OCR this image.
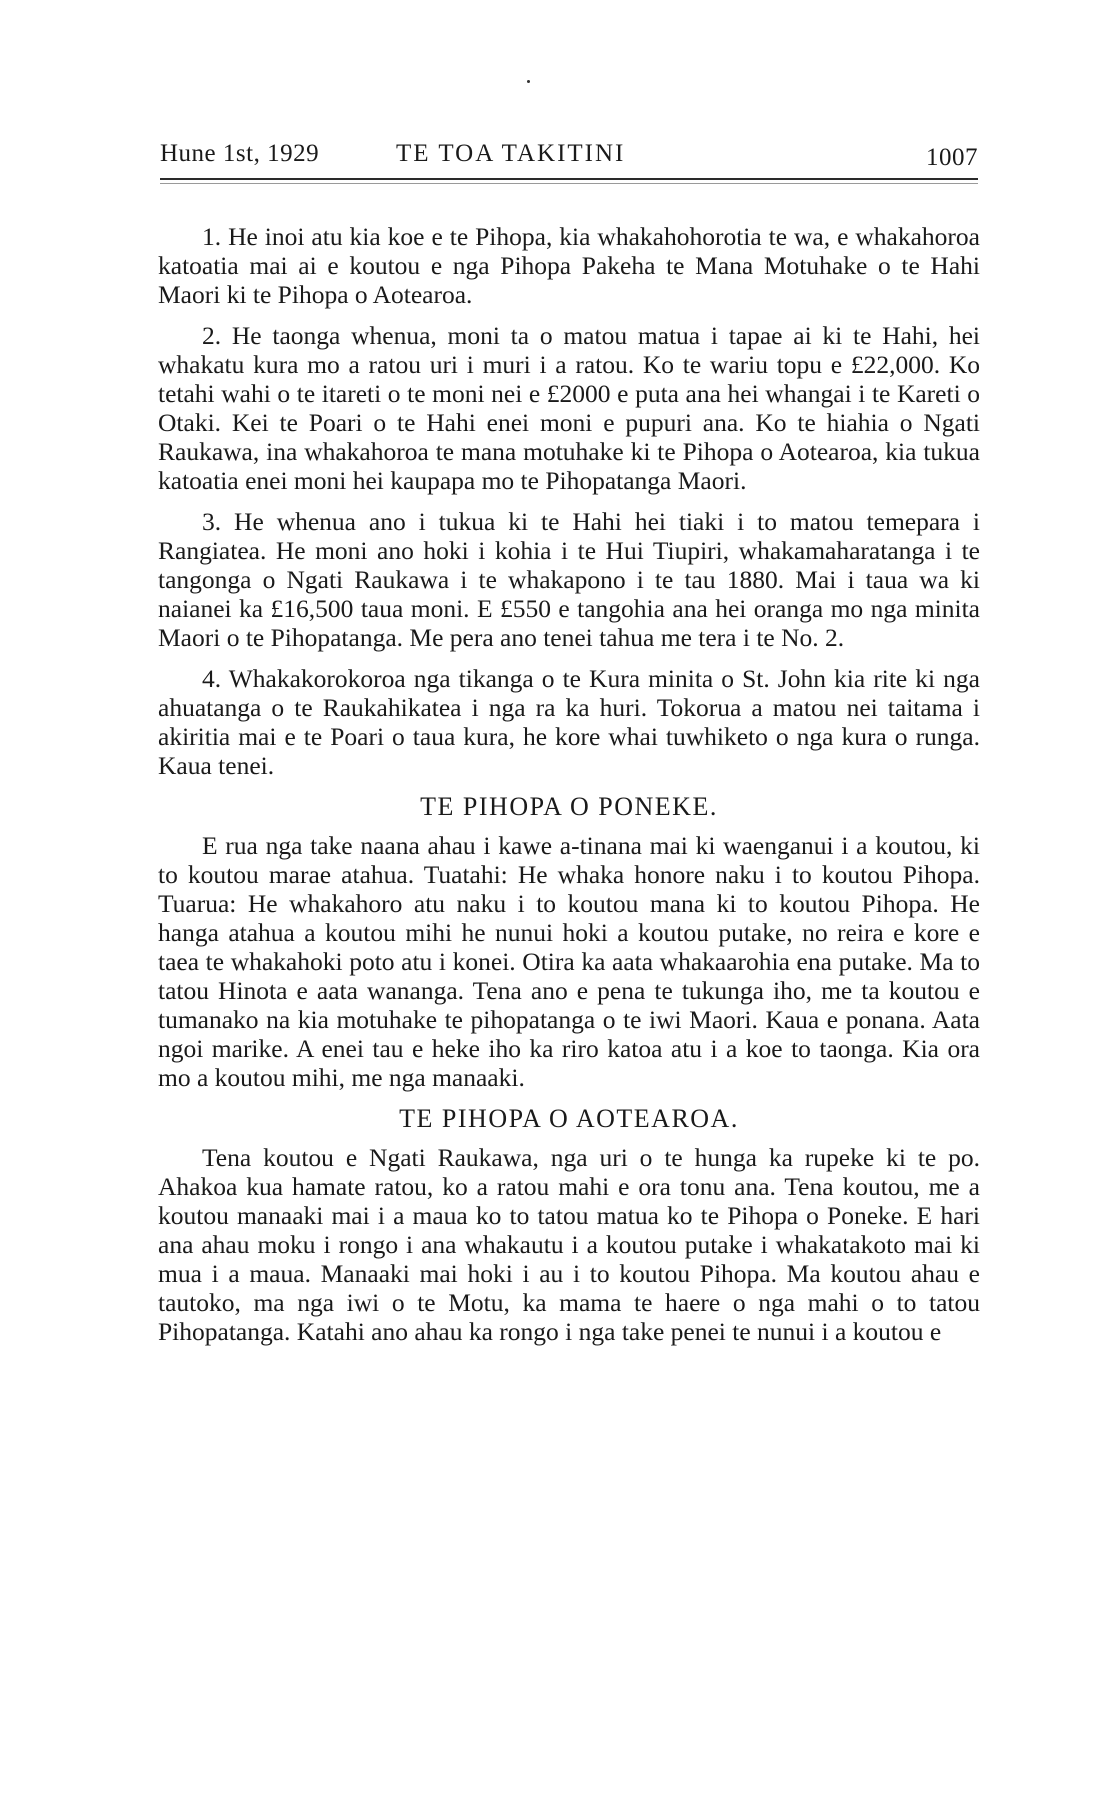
Hune 1st, 1929	TE TOA TAKITINI	1007

1. He inoi atu kia koe e te Pihopa, kia whakahohorotia te wa, e whakahoroa katoatia mai ai e koutou e nga Pihopa Pakeha te Mana Motuhake o te Hahi Maori ki te Pihopa o Aotearoa.

2. He taonga whenua, moni ta o matou matua i tapae ai ki te Hahi, hei whakatu kura mo a ratou uri i muri i a ratou. Ko te wariu topu e £22,000. Ko tetahi wahi o te itareti o te moni nei e £2000 e puta ana hei whangai i te Kareti o Otaki. Kei te Poari o te Hahi enei moni e pupuri ana. Ko te hiahia o Ngati Raukawa, ina whakahoroa te mana motuhake ki te Pihopa o Aotearoa, kia tukua katoatia enei moni hei kaupapa mo te Pihopatanga Maori.

3. He whenua ano i tukua ki te Hahi hei tiaki i to matou temepara i Rangiatea. He moni ano hoki i kohia i te Hui Tiupiri, whakamaharatanga i te tangonga o Ngati Raukawa i te whakapono i te tau 1880. Mai i taua wa ki naianei ka £16,500 taua moni. E £550 e tangohia ana hei oranga mo nga minita Maori o te Pihopatanga. Me pera ano tenei tahua me tera i te No. 2.

4. Whakakorokoroa nga tikanga o te Kura minita o St. John kia rite ki nga ahuatanga o te Raukahikatea i nga ra ka huri. Tokorua a matou nei taitama i akiritia mai e te Poari o taua kura, he kore whai tuwhiketo o nga kura o runga. Kaua tenei.

TE PIHOPA O PONEKE.

E rua nga take naana ahau i kawe a-tinana mai ki waenganui i a koutou, ki to koutou marae atahua. Tuatahi: He whaka honore naku i to koutou Pihopa. Tuarua: He whakahoro atu naku i to koutou mana ki to koutou Pihopa. He hanga atahua a koutou mihi he nunui hoki a koutou putake, no reira e kore e taea te whakahoki poto atu i konei. Otira ka aata whakaarohia ena putake. Ma to tatou Hinota e aata wananga. Tena ano e pena te tukunga iho, me ta koutou e tumanako na kia motuhake te pihopatanga o te iwi Maori. Kaua e ponana. Aata ngoi marike. A enei tau e heke iho ka riro katoa atu i a koe to taonga. Kia ora mo a koutou mihi, me nga manaaki.

TE PIHOPA O AOTEAROA.

Tena koutou e Ngati Raukawa, nga uri o te hunga ka rupeke ki te po. Ahakoa kua hamate ratou, ko a ratou mahi e ora tonu ana. Tena koutou, me a koutou manaaki mai i a maua ko to tatou matua ko te Pihopa o Poneke. E hari ana ahau moku i rongo i ana whakautu i a koutou putake i whakatakoto mai ki mua i a maua. Manaaki mai hoki i au i to koutou Pihopa. Ma koutou ahau e tautoko, ma nga iwi o te Motu, ka mama te haere o nga mahi o to tatou Pihopatanga. Katahi ano ahau ka rongo i nga take penei te nunui i a koutou e
